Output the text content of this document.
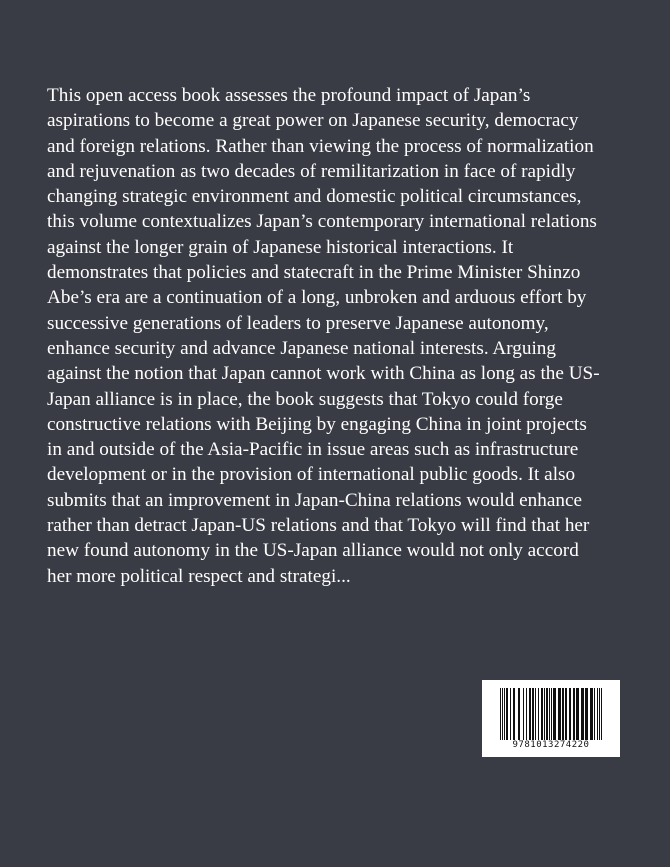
This open access book assesses the profound impact of Japan’s
aspirations to become a great power on Japanese security, democracy
and foreign relations. Rather than viewing the process of normalization
and rejuvenation as two decades of remilitarization in face of rapidly
changing strategic environment and domestic political circumstances,
this volume contextualizes Japan’s contemporary international relations
against the longer grain of Japanese historical interactions. It
demonstrates that policies and statecraft in the Prime Minister Shinzo
Abe’s era are a continuation of a long, unbroken and arduous effort by
successive generations of leaders to preserve Japanese autonomy,
enhance security and advance Japanese national interests. Arguing
against the notion that Japan cannot work with China as long as the US-
Japan alliance is in place, the book suggests that Tokyo could forge
constructive relations with Beijing by engaging China in joint projects
in and outside of the Asia-Pacific in issue areas such as infrastructure
development or in the provision of international public goods. It also
submits that an improvement in Japan-China relations would enhance
rather than detract Japan-US relations and that Tokyo will find that her
new found autonomy in the US-Japan alliance would not only accord
her more political respect and strategi...

9781013274220
